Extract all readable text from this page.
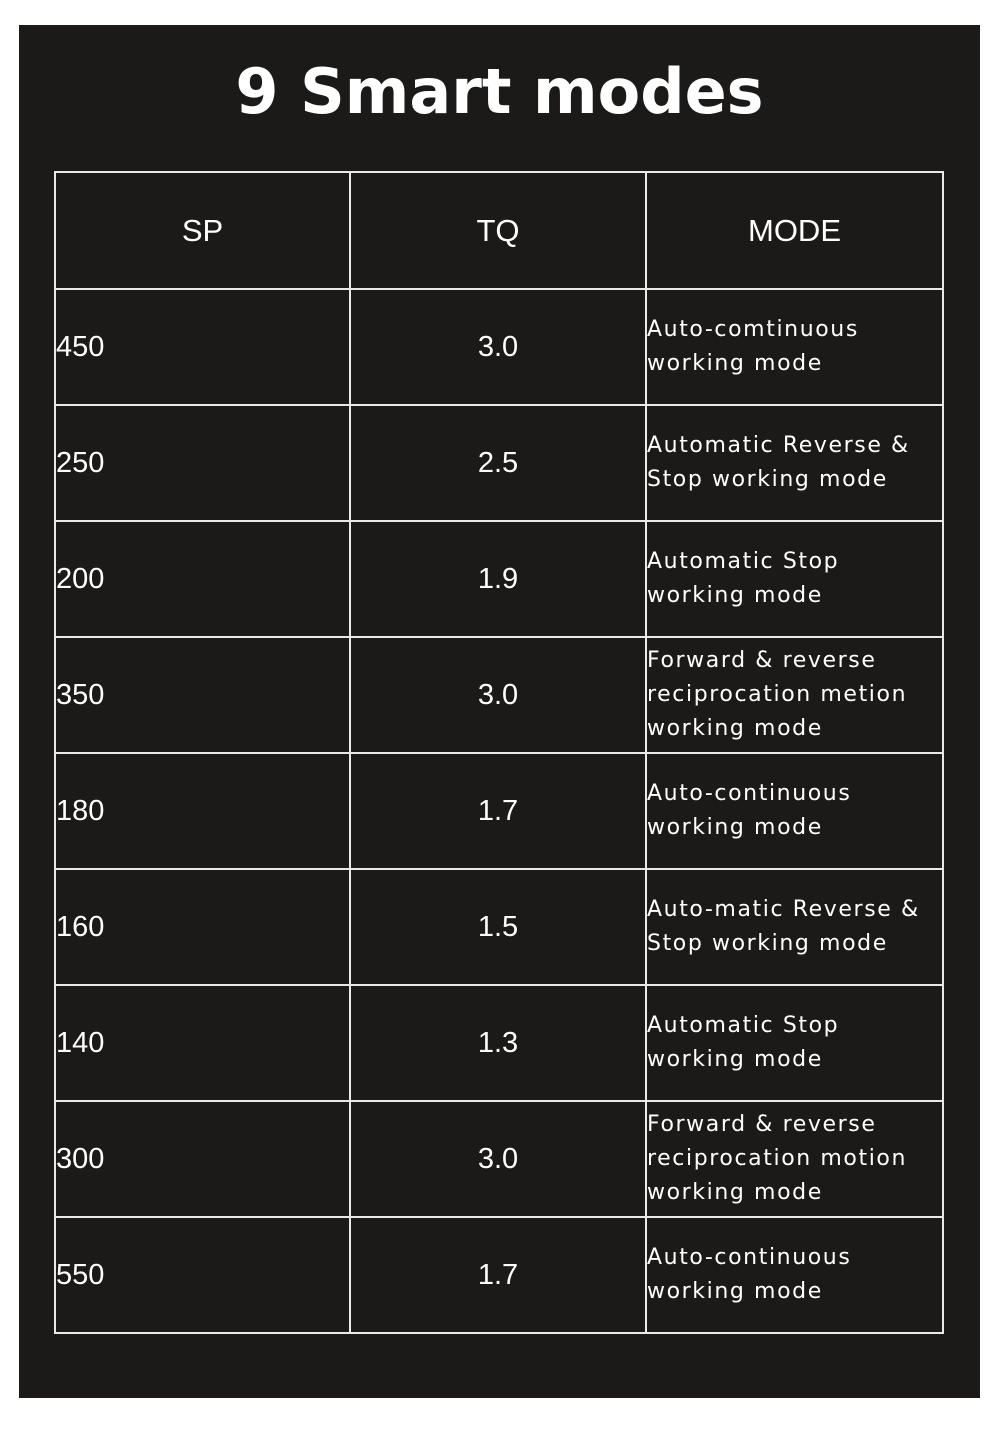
9 Smart modes
SP	TQ	MODE
450	3.0	Auto-comtinuous
working mode
250	2.5	Automatic Reverse &
Stop working mode
200	1.9	Automatic Stop
working mode
350	3.0	Forward & reverse
reciprocation metion
working mode
180	1.7	Auto-continuous
working mode
160	1.5	Auto-matic Reverse &
Stop working mode
140	1.3	Automatic Stop
working mode
300	3.0	Forward & reverse
reciprocation motion
working mode
550	1.7	Auto-continuous
working mode
